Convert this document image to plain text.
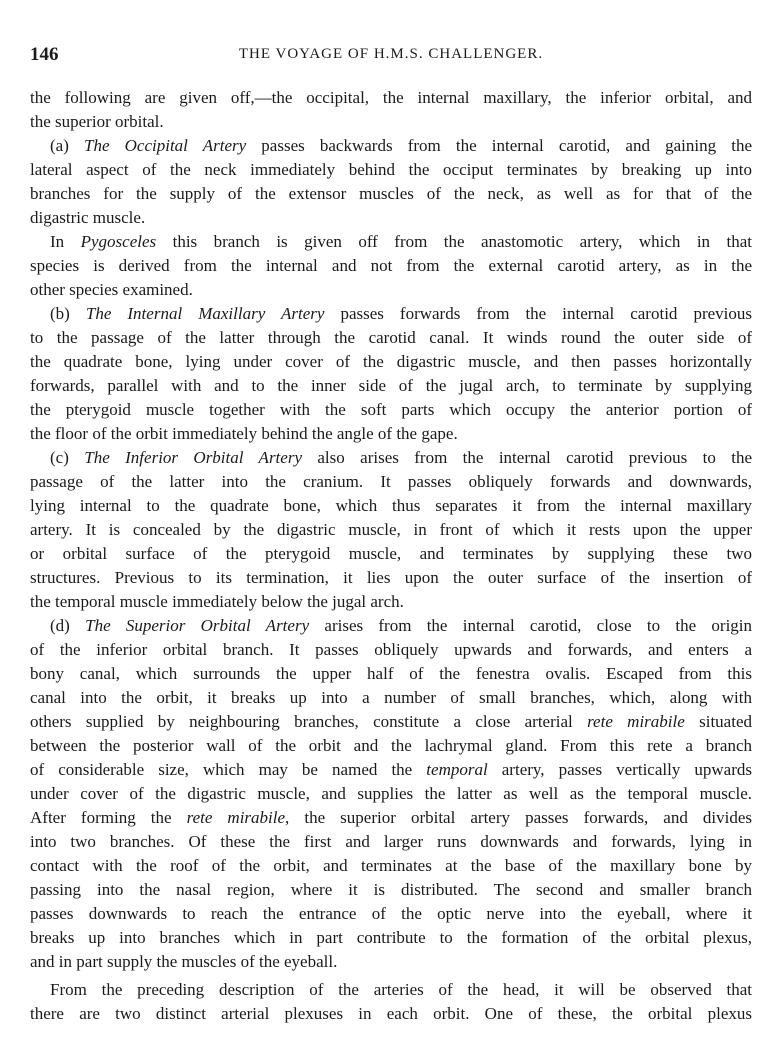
146	THE VOYAGE OF H.M.S. CHALLENGER.
the following are given off,—the occipital, the internal maxillary, the inferior orbital, and
the superior orbital.
(a) The Occipital Artery passes backwards from the internal carotid, and gaining the
lateral aspect of the neck immediately behind the occiput terminates by breaking up into
branches for the supply of the extensor muscles of the neck, as well as for that of the
digastric muscle.
In Pygosceles this branch is given off from the anastomotic artery, which in that
species is derived from the internal and not from the external carotid artery, as in the
other species examined.
(b) The Internal Maxillary Artery passes forwards from the internal carotid previous
to the passage of the latter through the carotid canal. It winds round the outer side of
the quadrate bone, lying under cover of the digastric muscle, and then passes horizontally
forwards, parallel with and to the inner side of the jugal arch, to terminate by supplying
the pterygoid muscle together with the soft parts which occupy the anterior portion of
the floor of the orbit immediately behind the angle of the gape.
(c) The Inferior Orbital Artery also arises from the internal carotid previous to the
passage of the latter into the cranium. It passes obliquely forwards and downwards,
lying internal to the quadrate bone, which thus separates it from the internal maxillary
artery. It is concealed by the digastric muscle, in front of which it rests upon the upper
or orbital surface of the pterygoid muscle, and terminates by supplying these two
structures. Previous to its termination, it lies upon the outer surface of the insertion of
the temporal muscle immediately below the jugal arch.
(d) The Superior Orbital Artery arises from the internal carotid, close to the origin
of the inferior orbital branch. It passes obliquely upwards and forwards, and enters a
bony canal, which surrounds the upper half of the fenestra ovalis. Escaped from this
canal into the orbit, it breaks up into a number of small branches, which, along with
others supplied by neighbouring branches, constitute a close arterial rete mirabile situated
between the posterior wall of the orbit and the lachrymal gland. From this rete a branch
of considerable size, which may be named the temporal artery, passes vertically upwards
under cover of the digastric muscle, and supplies the latter as well as the temporal muscle.
After forming the rete mirabile, the superior orbital artery passes forwards, and divides
into two branches. Of these the first and larger runs downwards and forwards, lying in
contact with the roof of the orbit, and terminates at the base of the maxillary bone by
passing into the nasal region, where it is distributed. The second and smaller branch
passes downwards to reach the entrance of the optic nerve into the eyeball, where it
breaks up into branches which in part contribute to the formation of the orbital plexus,
and in part supply the muscles of the eyeball.
From the preceding description of the arteries of the head, it will be observed that
there are two distinct arterial plexuses in each orbit. One of these, the orbital plexus
